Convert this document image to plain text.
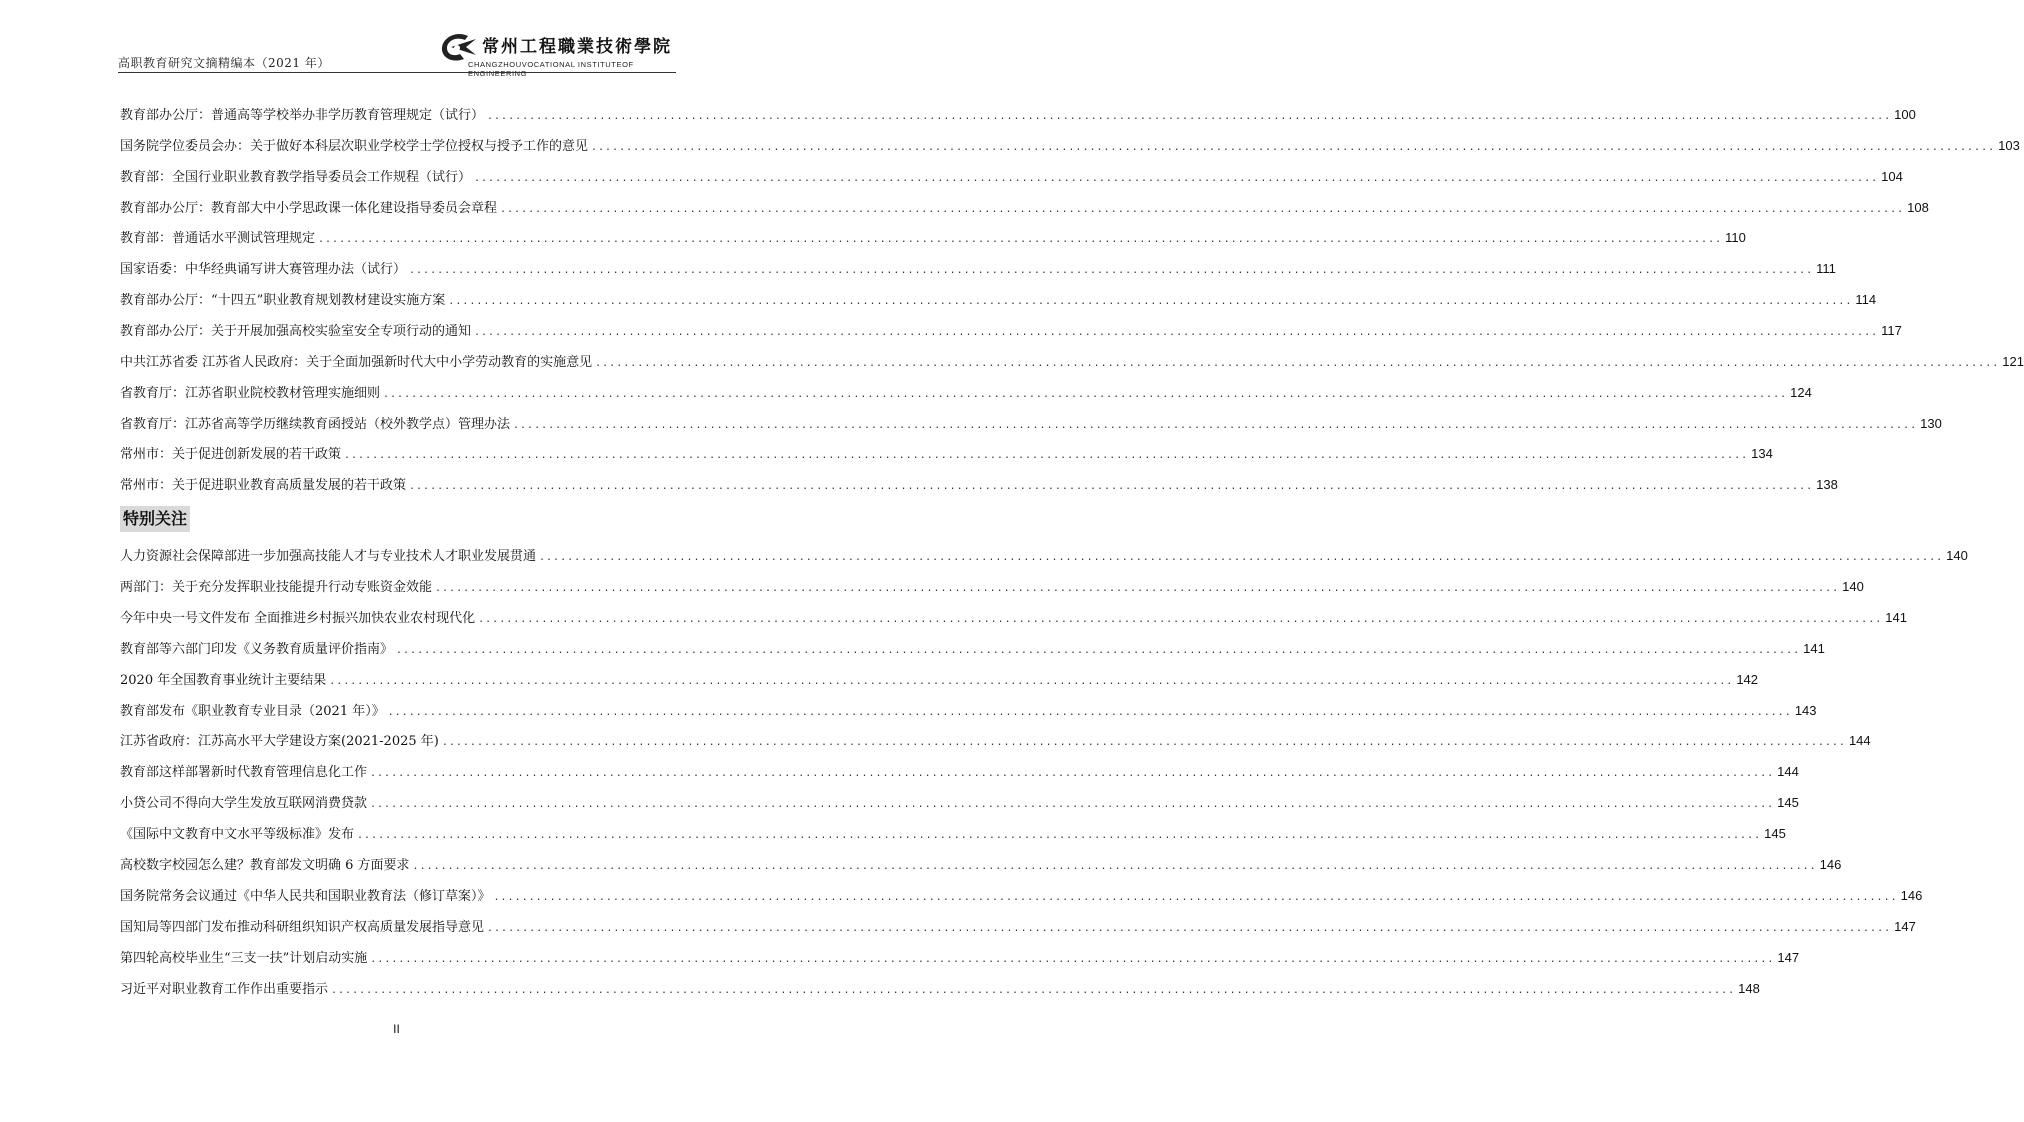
高职教育研究文摘精编本（2021 年）
常州工程職業技術學院
CHANGZHOUVOCATIONAL INSTITUTEOF ENGINEERING
特别关注
II
教育部办公厅：普通高等学校举办非学历教育管理规定（试行） ........................................................................................................................................................................................................ 100
国务院学位委员会办：关于做好本科层次职业学校学士学位授权与授予工作的意见 ........................................................................................................................................................................................................ 103
教育部：全国行业职业教育教学指导委员会工作规程（试行） ........................................................................................................................................................................................................ 104
教育部办公厅：教育部大中小学思政课一体化建设指导委员会章程 ........................................................................................................................................................................................................ 108
教育部：普通话水平测试管理规定 ........................................................................................................................................................................................................ 110
国家语委：中华经典诵写讲大赛管理办法（试行） ........................................................................................................................................................................................................ 111
教育部办公厅：“十四五”职业教育规划教材建设实施方案 ........................................................................................................................................................................................................ 114
教育部办公厅：关于开展加强高校实验室安全专项行动的通知 ........................................................................................................................................................................................................ 117
中共江苏省委 江苏省人民政府：关于全面加强新时代大中小学劳动教育的实施意见 ........................................................................................................................................................................................................ 121
省教育厅：江苏省职业院校教材管理实施细则 ........................................................................................................................................................................................................ 124
省教育厅：江苏省高等学历继续教育函授站（校外教学点）管理办法 ........................................................................................................................................................................................................ 130
常州市：关于促进创新发展的若干政策 ........................................................................................................................................................................................................ 134
常州市：关于促进职业教育高质量发展的若干政策 ........................................................................................................................................................................................................ 138
人力资源社会保障部进一步加强高技能人才与专业技术人才职业发展贯通 ........................................................................................................................................................................................................ 140
两部门：关于充分发挥职业技能提升行动专账资金效能 ........................................................................................................................................................................................................ 140
今年中央一号文件发布 全面推进乡村振兴加快农业农村现代化 ........................................................................................................................................................................................................ 141
教育部等六部门印发《义务教育质量评价指南》 ........................................................................................................................................................................................................ 141
2020 年全国教育事业统计主要结果 ........................................................................................................................................................................................................ 142
教育部发布《职业教育专业目录（2021 年）》 ........................................................................................................................................................................................................ 143
江苏省政府：江苏高水平大学建设方案(2021-2025 年) ........................................................................................................................................................................................................ 144
教育部这样部署新时代教育管理信息化工作 ........................................................................................................................................................................................................ 144
小贷公司不得向大学生发放互联网消费贷款 ........................................................................................................................................................................................................ 145
《国际中文教育中文水平等级标准》发布 ........................................................................................................................................................................................................ 145
高校数字校园怎么建？教育部发文明确 6 方面要求 ........................................................................................................................................................................................................ 146
国务院常务会议通过《中华人民共和国职业教育法（修订草案）》 ........................................................................................................................................................................................................ 146
国知局等四部门发布推动科研组织知识产权高质量发展指导意见 ........................................................................................................................................................................................................ 147
第四轮高校毕业生“三支一扶”计划启动实施 ........................................................................................................................................................................................................ 147
习近平对职业教育工作作出重要指示 ........................................................................................................................................................................................................ 148
